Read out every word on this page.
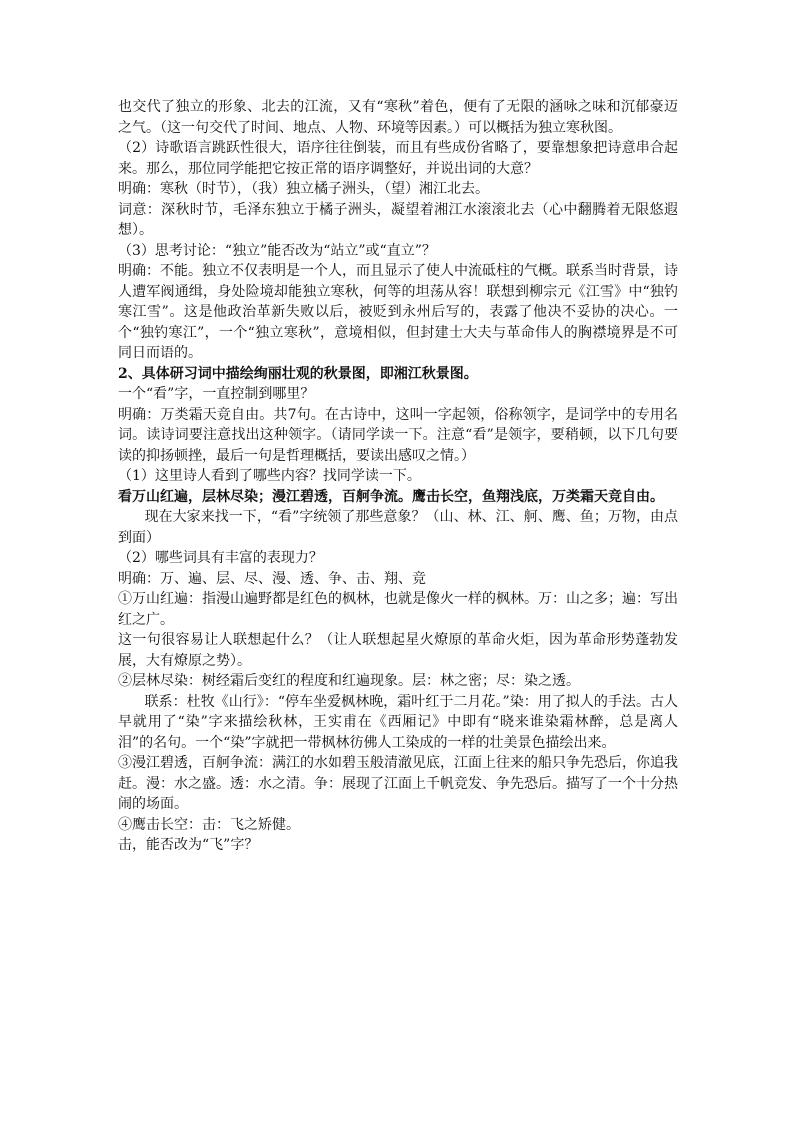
也交代了独立的形象、北去的江流，又有“寒秋”着色，便有了无限的涵咏之味和沉郁豪迈之气。（这一句交代了时间、地点、人物、环境等因素。）可以概括为独立寒秋图。

（2）诗歌语言跳跃性很大，语序往往倒装，而且有些成份省略了，要靠想象把诗意串合起来。那么，那位同学能把它按正常的语序调整好，并说出词的大意？

明确：寒秋（时节），（我）独立橘子洲头，（望）湘江北去。

词意：深秋时节，毛泽东独立于橘子洲头，凝望着湘江水滚滚北去（心中翻腾着无限悠遐想）。

（3）思考讨论：“独立”能否改为“站立”或“直立”？

明确：不能。独立不仅表明是一个人，而且显示了使人中流砥柱的气概。联系当时背景，诗人遭军阀通缉，身处险境却能独立寒秋，何等的坦荡从容！联想到柳宗元《江雪》中“独钓寒江雪”。这是他政治革新失败以后，被贬到永州后写的，表露了他决不妥协的决心。一个“独钓寒江”，一个“独立寒秋”，意境相似，但封建士大夫与革命伟人的胸襟境界是不可同日而语的。

2、具体研习词中描绘绚丽壮观的秋景图，即湘江秋景图。

一个“看”字，一直控制到哪里？

明确：万类霜天竞自由。共7句。在古诗中，这叫一字起领，俗称领字，是词学中的专用名词。读诗词要注意找出这种领字。（请同学读一下。注意“看”是领字，要稍顿，以下几句要读的抑扬顿挫，最后一句是哲理概括，要读出感叹之情。）

（1）这里诗人看到了哪些内容？找同学读一下。

看万山红遍，层林尽染；漫江碧透，百舸争流。鹰击长空，鱼翔浅底，万类霜天竞自由。

现在大家来找一下，“看”字统领了那些意象？（山、林、江、舸、鹰、鱼；万物，由点到面）

（2）哪些词具有丰富的表现力？

明确：万、遍、层、尽、漫、透、争、击、翔、竞

①万山红遍：指漫山遍野都是红色的枫林，也就是像火一样的枫林。万：山之多；遍：写出红之广。

这一句很容易让人联想起什么？（让人联想起星火燎原的革命火炬，因为革命形势蓬勃发展，大有燎原之势）。

②层林尽染：树经霜后变红的程度和红遍现象。层：林之密；尽：染之透。

联系：杜牧《山行》：“停车坐爱枫林晚，霜叶红于二月花。”染：用了拟人的手法。古人早就用了“染”字来描绘秋林，王实甫在《西厢记》中即有“晓来谁染霜林醉，总是离人泪”的名句。一个“染”字就把一带枫林彷佛人工染成的一样的壮美景色描绘出来。

③漫江碧透，百舸争流：满江的水如碧玉般清澈见底，江面上往来的船只争先恐后，你追我赶。漫：水之盛。透：水之清。争：展现了江面上千帆竞发、争先恐后。描写了一个十分热闹的场面。

④鹰击长空：击：飞之矫健。

击，能否改为“飞”字？
